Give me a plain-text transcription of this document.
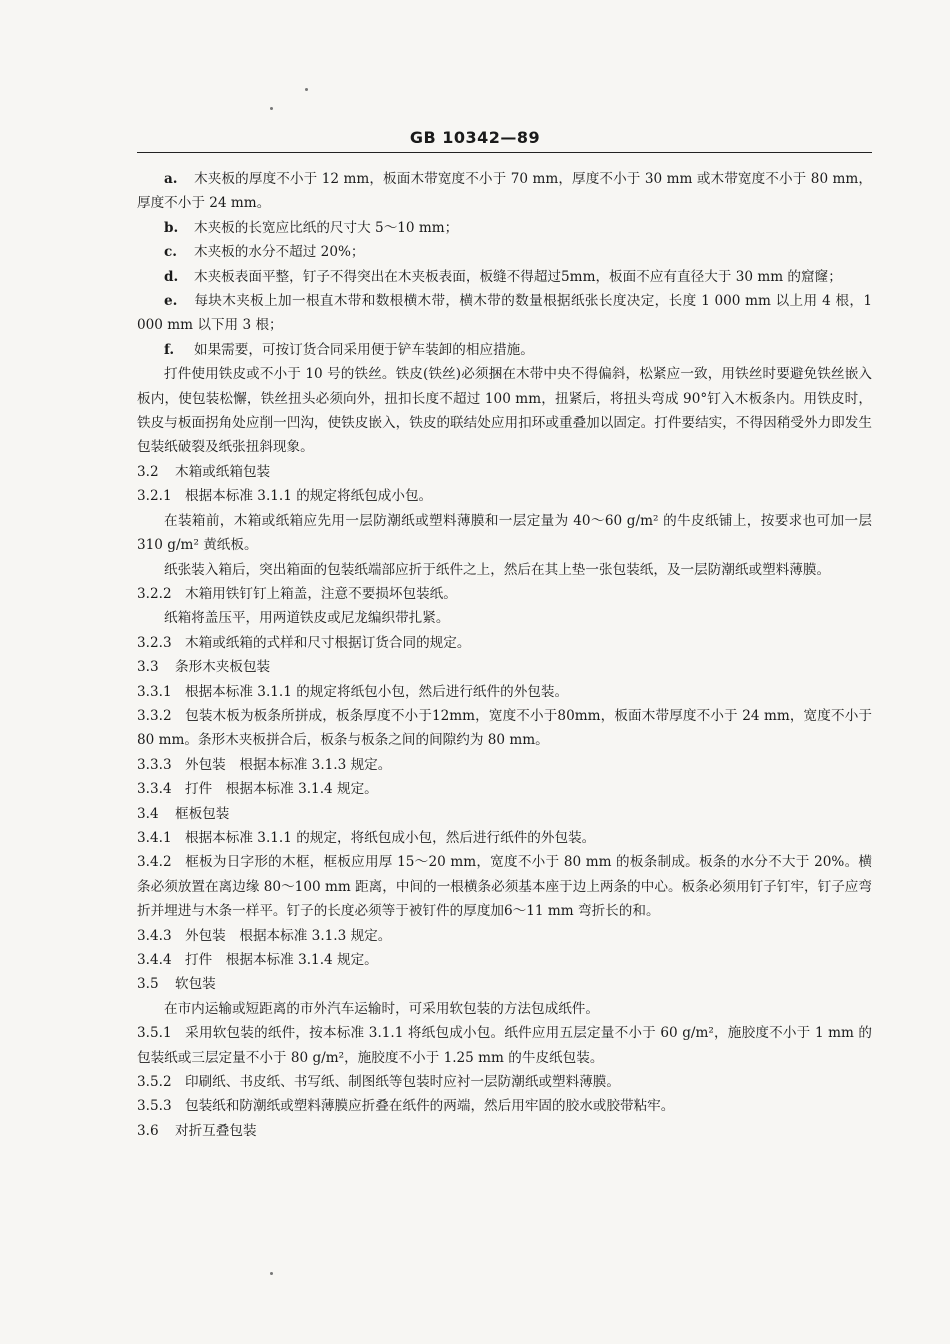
GB 10342—89

a. 木夹板的厚度不小于 12 mm，板面木带宽度不小于 70 mm，厚度不小于 30 mm 或木带宽度不小于 80 mm，厚度不小于 24 mm。

b. 木夹板的长宽应比纸的尺寸大 5～10 mm；

c. 木夹板的水分不超过 20%；

d. 木夹板表面平整，钉子不得突出在木夹板表面，板缝不得超过5mm，板面不应有直径大于 30 mm 的窟窿；

e. 每块木夹板上加一根直木带和数根横木带，横木带的数量根据纸张长度决定，长度 1 000 mm 以上用 4 根，1 000 mm 以下用 3 根；

f. 如果需要，可按订货合同采用便于铲车装卸的相应措施。

打件使用铁皮或不小于 10 号的铁丝。铁皮(铁丝)必须捆在木带中央不得偏斜，松紧应一致，用铁丝时要避免铁丝嵌入板内，使包装松懈，铁丝扭头必须向外，扭扣长度不超过 100 mm，扭紧后，将扭头弯成 90°钉入木板条内。用铁皮时，铁皮与板面拐角处应削一凹沟，使铁皮嵌入，铁皮的联结处应用扣环或重叠加以固定。打件要结实，不得因稍受外力即发生包装纸破裂及纸张扭斜现象。

3.2 木箱或纸箱包装

3.2.1 根据本标准 3.1.1 的规定将纸包成小包。

在装箱前，木箱或纸箱应先用一层防潮纸或塑料薄膜和一层定量为 40～60 g/m² 的牛皮纸铺上，按要求也可加一层 310 g/m² 黄纸板。

纸张装入箱后，突出箱面的包装纸端部应折于纸件之上，然后在其上垫一张包装纸，及一层防潮纸或塑料薄膜。

3.2.2 木箱用铁钉钉上箱盖，注意不要损坏包装纸。

纸箱将盖压平，用两道铁皮或尼龙编织带扎紧。

3.2.3 木箱或纸箱的式样和尺寸根据订货合同的规定。

3.3 条形木夹板包装

3.3.1 根据本标准 3.1.1 的规定将纸包小包，然后进行纸件的外包装。

3.3.2 包装木板为板条所拼成，板条厚度不小于12mm，宽度不小于80mm，板面木带厚度不小于 24 mm，宽度不小于 80 mm。条形木夹板拼合后，板条与板条之间的间隙约为 80 mm。

3.3.3 外包装　根据本标准 3.1.3 规定。

3.3.4 打件　根据本标准 3.1.4 规定。

3.4 框板包装

3.4.1 根据本标准 3.1.1 的规定，将纸包成小包，然后进行纸件的外包装。

3.4.2 框板为日字形的木框，框板应用厚 15～20 mm，宽度不小于 80 mm 的板条制成。板条的水分不大于 20%。横条必须放置在离边缘 80～100 mm 距离，中间的一根横条必须基本座于边上两条的中心。板条必须用钉子钉牢，钉子应弯折并埋进与木条一样平。钉子的长度必须等于被钉件的厚度加6～11 mm 弯折长的和。

3.4.3 外包装　根据本标准 3.1.3 规定。

3.4.4 打件　根据本标准 3.1.4 规定。

3.5 软包装

在市内运输或短距离的市外汽车运输时，可采用软包装的方法包成纸件。

3.5.1 采用软包装的纸件，按本标准 3.1.1 将纸包成小包。纸件应用五层定量不小于 60 g/m²，施胶度不小于 1 mm 的包装纸或三层定量不小于 80 g/m²，施胶度不小于 1.25 mm 的牛皮纸包装。

3.5.2 印刷纸、书皮纸、书写纸、制图纸等包装时应衬一层防潮纸或塑料薄膜。

3.5.3 包装纸和防潮纸或塑料薄膜应折叠在纸件的两端，然后用牢固的胶水或胶带粘牢。

3.6 对折互叠包装
